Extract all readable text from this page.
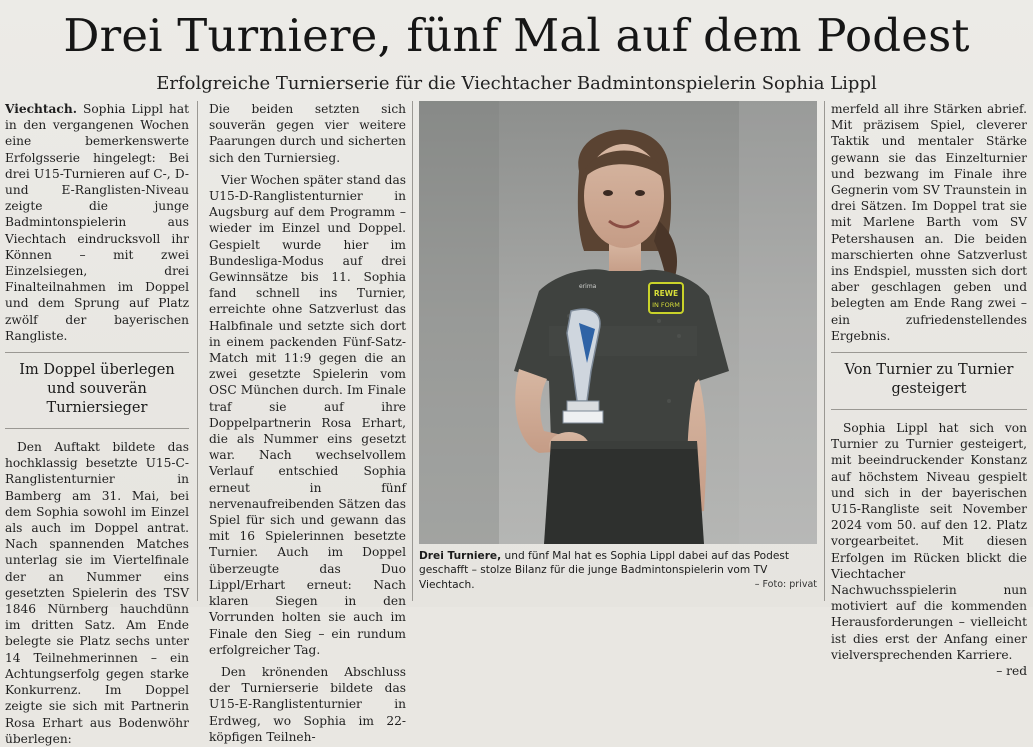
Drei Turniere, fünf Mal auf dem Podest
Erfolgreiche Turnierserie für die Viechtacher Badmintonspielerin Sophia Lippl

Viechtach. Sophia Lippl hat in den vergangenen Wochen eine bemerkenswerte Erfolgsserie hingelegt: Bei drei U15-Turnieren auf C-, D- und E-Ranglisten-Niveau zeigte die junge Badmintonspielerin aus Viechtach eindrucksvoll ihr Können – mit zwei Einzelsiegen, drei Finalteilnahmen im Doppel und dem Sprung auf Platz zwölf der bayerischen Rangliste.

Im Doppel überlegen und souverän Turniersieger

Den Auftakt bildete das hochklassig besetzte U15-C-Ranglistenturnier in Bamberg am 31. Mai, bei dem Sophia sowohl im Einzel als auch im Doppel antrat. Nach spannenden Matches unterlag sie im Viertelfinale der an Nummer eins gesetzten Spielerin des TSV 1846 Nürnberg hauchdünn im dritten Satz. Am Ende belegte sie Platz sechs unter 14 Teilnehmerinnen – ein Achtungserfolg gegen starke Konkurrenz. Im Doppel zeigte sie sich mit Partnerin Rosa Erhart aus Bodenwöhr überlegen:

Die beiden setzten sich souverän gegen vier weitere Paarungen durch und sicherten sich den Turniersieg.

Vier Wochen später stand das U15-D-Ranglistenturnier in Augsburg auf dem Programm – wieder im Einzel und Doppel. Gespielt wurde hier im Bundesliga-Modus auf drei Gewinnsätze bis 11. Sophia fand schnell ins Turnier, erreichte ohne Satzverlust das Halbfinale und setzte sich dort in einem packenden Fünf-Satz-Match mit 11:9 gegen die an zwei gesetzte Spielerin vom OSC München durch. Im Finale traf sie auf ihre Doppelpartnerin Rosa Erhart, die als Nummer eins gesetzt war. Nach wechselvollem Verlauf entschied Sophia erneut in fünf nervenaufreibenden Sätzen das Spiel für sich und gewann das mit 16 Spielerinnen besetzte Turnier. Auch im Doppel überzeugte das Duo Lippl/Erhart erneut: Nach klaren Siegen in den Vorrunden holten sie auch im Finale den Sieg – ein rundum erfolgreicher Tag.

Den krönenden Abschluss der Turnierserie bildete das U15-E-Ranglistenturnier in Erdweg, wo Sophia im 22-köpfigen Teilneh-

REWE
IN FORM
erima
Drei Turniere, und fünf Mal hat es Sophia Lippl dabei auf das Podest geschafft – stolze Bilanz für die junge Badmintonspielerin vom TV Viechtach.	– Foto: privat

merfeld all ihre Stärken abrief. Mit präzisem Spiel, cleverer Taktik und mentaler Stärke gewann sie das Einzelturnier und bezwang im Finale ihre Gegnerin vom SV Traunstein in drei Sätzen. Im Doppel trat sie mit Marlene Barth vom SV Petershausen an. Die beiden marschierten ohne Satzverlust ins Endspiel, mussten sich dort aber geschlagen geben und belegten am Ende Rang zwei – ein zufriedenstellendes Ergebnis.

Von Turnier zu Turnier gesteigert

Sophia Lippl hat sich von Turnier zu Turnier gesteigert, mit beeindruckender Konstanz auf höchstem Niveau gespielt und sich in der bayerischen U15-Rangliste seit November 2024 vom 50. auf den 12. Platz vorgearbeitet. Mit diesen Erfolgen im Rücken blickt die Viechtacher Nachwuchsspielerin nun motiviert auf die kommenden Herausforderungen – vielleicht ist dies erst der Anfang einer vielversprechenden Karriere.
– red
